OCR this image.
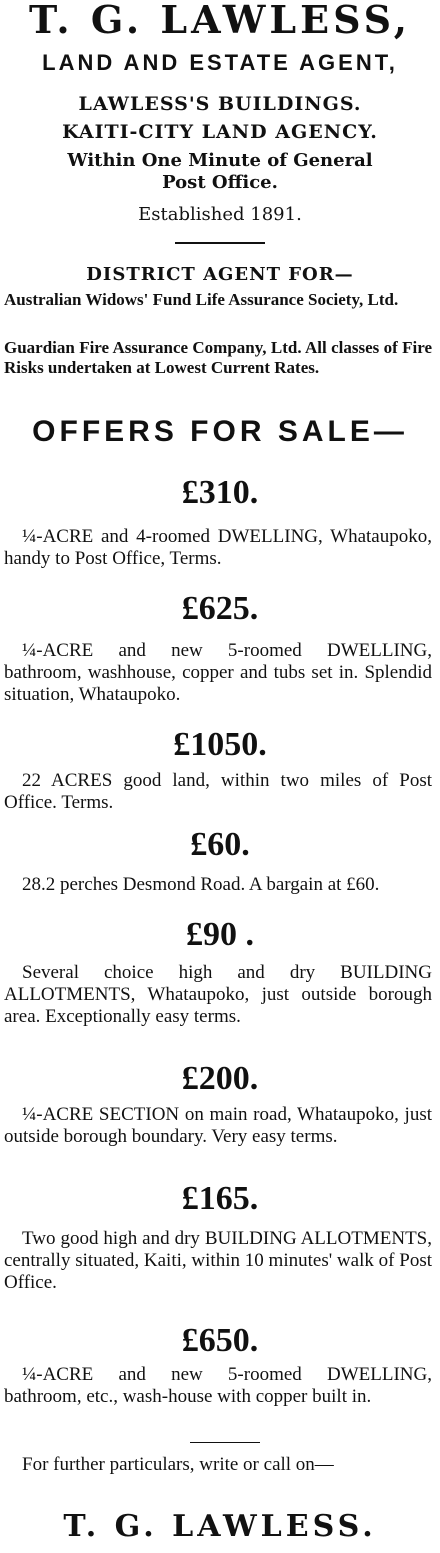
T. G. LAWLESS,
LAND AND ESTATE AGENT,
LAWLESS'S BUILDINGS.
KAITI-CITY LAND AGENCY.
Within One Minute of General Post Office.
Established 1891.
DISTRICT AGENT FOR—

Australian Widows' Fund Life Assurance Society, Ltd.

Guardian Fire Assurance Company, Ltd. All classes of Fire Risks undertaken at Lowest Current Rates.

OFFERS FOR SALE—
£310.

¼-ACRE and 4-roomed DWELLING, Whataupoko, handy to Post Office, Terms.

£625.

¼-ACRE and new 5-roomed DWELLING, bathroom, washhouse, copper and tubs set in. Splendid situation, Whataupoko.

£1050.

22 ACRES good land, within two miles of Post Office. Terms.

£60.

28.2 perches Desmond Road. A bargain at £60.

£90 .

Several choice high and dry BUILDING ALLOTMENTS, Whataupoko, just outside borough area. Exceptionally easy terms.

£200.

¼-ACRE SECTION on main road, Whataupoko, just outside borough boundary. Very easy terms.

£165.

Two good high and dry BUILDING ALLOTMENTS, centrally situated, Kaiti, within 10 minutes' walk of Post Office.

£650.

¼-ACRE and new 5-roomed DWELLING, bathroom, etc., wash-house with copper built in.

For further particulars, write or call on—

T. G. LAWLESS.
